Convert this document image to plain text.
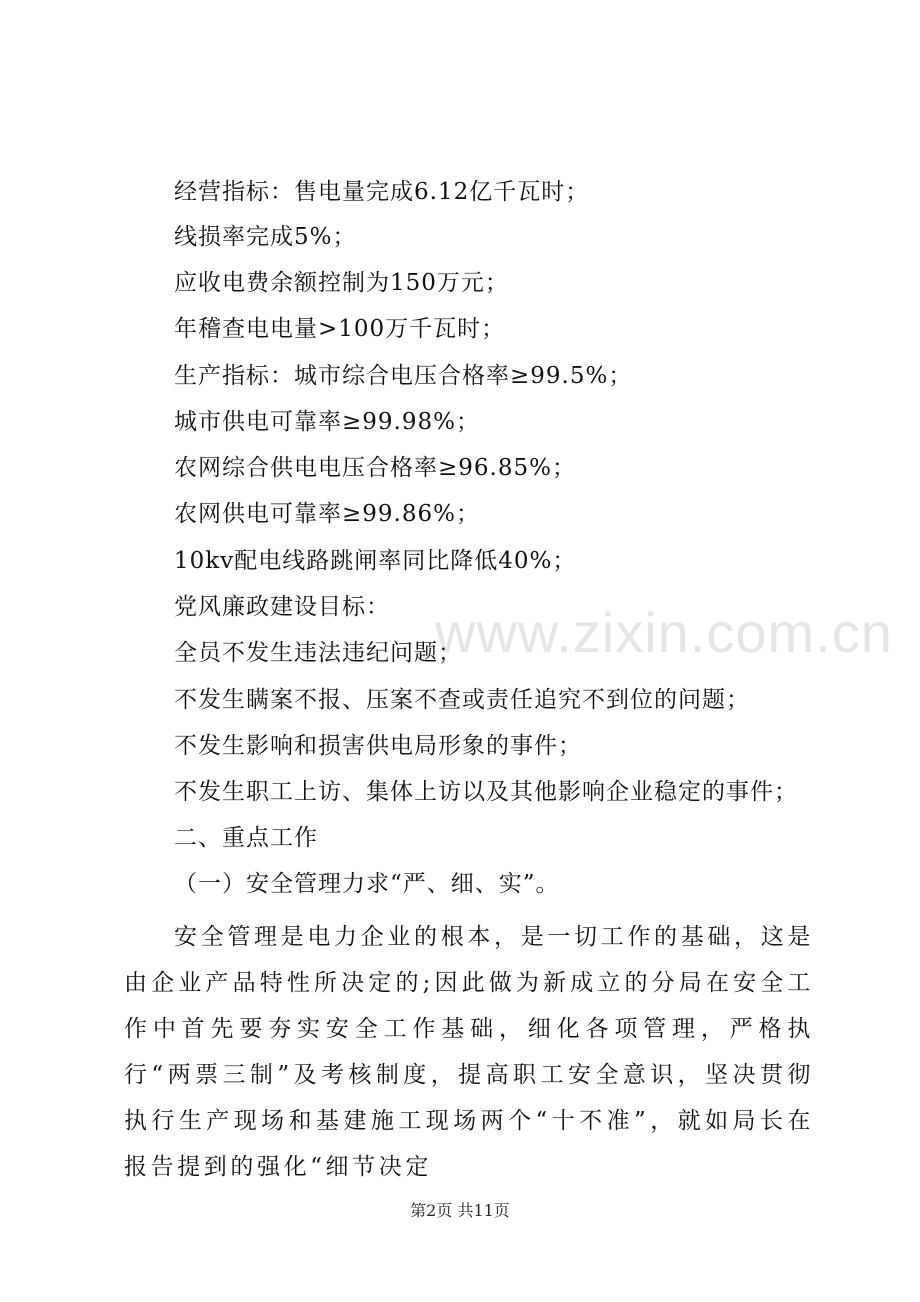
www.zixin.com.cn
经营指标：售电量完成6.12亿千瓦时；
线损率完成5%；
应收电费余额控制为150万元；
年稽查电电量>100万千瓦时；
生产指标：城市综合电压合格率≥99.5%；
城市供电可靠率≥99.98%；
农网综合供电电压合格率≥96.85%；
农网供电可靠率≥99.86%；
10kv配电线路跳闸率同比降低40%；
党风廉政建设目标：
全员不发生违法违纪问题；
不发生瞒案不报、压案不查或责任追究不到位的问题；
不发生影响和损害供电局形象的事件；
不发生职工上访、集体上访以及其他影响企业稳定的事件；
二、重点工作
（一）安全管理力求“严、细、实”。
安全管理是电力企业的根本，是一切工作的基础，这是由企业产品特性所决定的;因此做为新成立的分局在安全工作中首先要夯实安全工作基础，细化各项管理，严格执行“两票三制”及考核制度，提高职工安全意识，坚决贯彻执行生产现场和基建施工现场两个“十不准”，就如局长在报告提到的强化“细节决定
第2页 共11页
